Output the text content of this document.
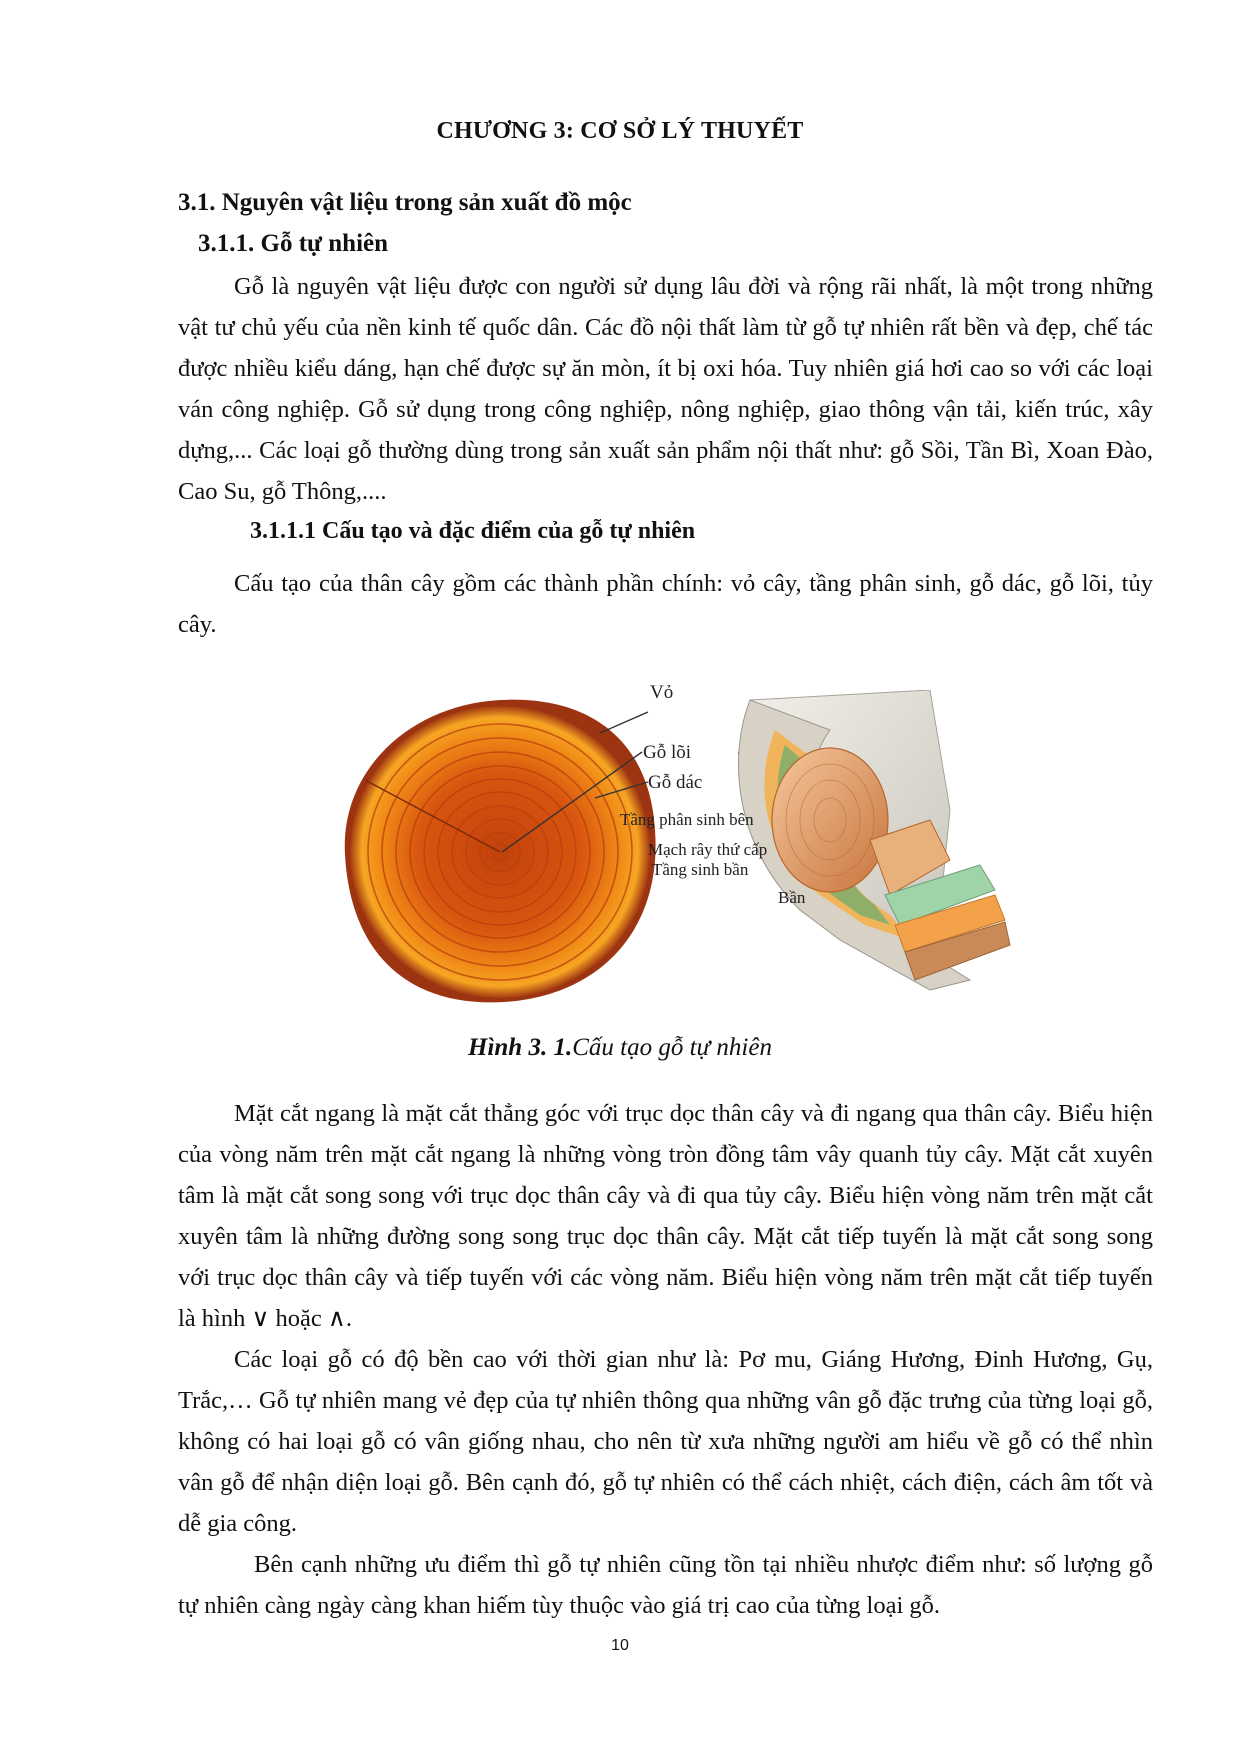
CHƯƠNG 3: CƠ SỞ LÝ THUYẾT
3.1. Nguyên vật liệu trong sản xuất đồ mộc
3.1.1. Gỗ tự nhiên

Gỗ là nguyên vật liệu được con người sử dụng lâu đời và rộng rãi nhất, là một trong những vật tư chủ yếu của nền kinh tế quốc dân. Các đồ nội thất làm từ gỗ tự nhiên rất bền và đẹp, chế tác được nhiều kiểu dáng, hạn chế được sự ăn mòn, ít bị oxi hóa. Tuy nhiên giá hơi cao so với các loại ván công nghiệp. Gỗ sử dụng trong công nghiệp, nông nghiệp, giao thông vận tải, kiến trúc, xây dựng,... Các loại gỗ thường dùng trong sản xuất sản phẩm nội thất như: gỗ Sồi, Tần Bì, Xoan Đào, Cao Su, gỗ Thông,....

3.1.1.1 Cấu tạo và đặc điểm của gỗ tự nhiên

Cấu tạo của thân cây gồm các thành phần chính: vỏ cây, tầng phân sinh, gỗ dác, gỗ lõi, tủy cây.

Vỏ
Gỗ lõi
Gỗ dác
Tầng phân sinh bên
Mạch rây thứ cấp
Tầng sinh bần
Bần
Hình 3. 1.Cấu tạo gỗ tự nhiên

Mặt cắt ngang là mặt cắt thẳng góc với trục dọc thân cây và đi ngang qua thân cây. Biểu hiện của vòng năm trên mặt cắt ngang là những vòng tròn đồng tâm vây quanh tủy cây. Mặt cắt xuyên tâm là mặt cắt song song với trục dọc thân cây và đi qua tủy cây. Biểu hiện vòng năm trên mặt cắt xuyên tâm là những đường song song trục dọc thân cây. Mặt cắt tiếp tuyến là mặt cắt song song với trục dọc thân cây và tiếp tuyến với các vòng năm. Biểu hiện vòng năm trên mặt cắt tiếp tuyến là hình ∨ hoặc ∧.

Các loại gỗ có độ bền cao với thời gian như là: Pơ mu, Giáng Hương, Đinh Hương, Gụ, Trắc,… Gỗ tự nhiên mang vẻ đẹp của tự nhiên thông qua những vân gỗ đặc trưng của từng loại gỗ, không có hai loại gỗ có vân giống nhau, cho nên từ xưa những người am hiểu về gỗ có thể nhìn vân gỗ để nhận diện loại gỗ. Bên cạnh đó, gỗ tự nhiên có thể cách nhiệt, cách điện, cách âm tốt và dễ gia công.

Bên cạnh những ưu điểm thì gỗ tự nhiên cũng tồn tại nhiều nhược điểm như: số lượng gỗ tự nhiên càng ngày càng khan hiếm tùy thuộc vào giá trị cao của từng loại gỗ.

10
